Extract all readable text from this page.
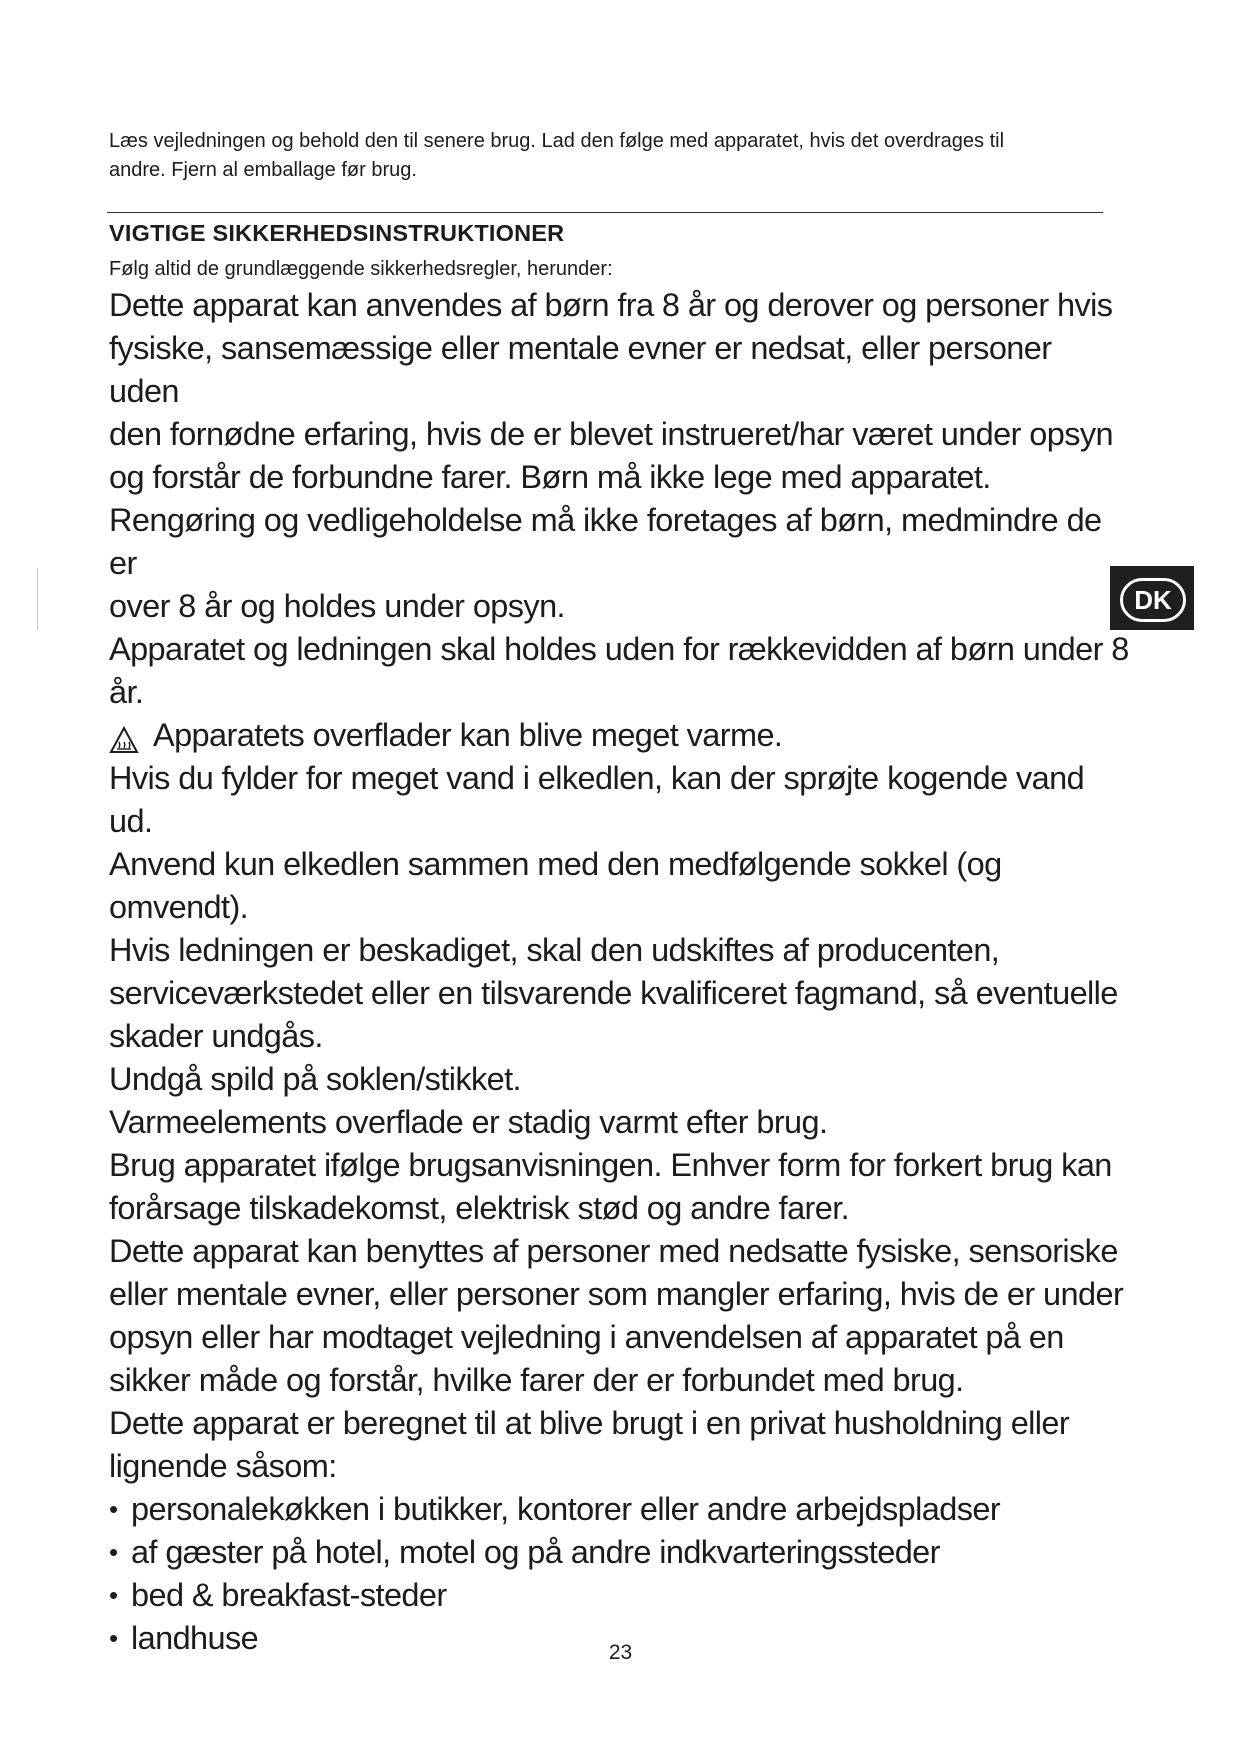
Læs vejledningen og behold den til senere brug. Lad den følge med apparatet, hvis det overdrages til
andre. Fjern al emballage før brug.
VIGTIGE SIKKERHEDSINSTRUKTIONER
Følg altid de grundlæggende sikkerhedsregler, herunder:

Dette apparat kan anvendes af børn fra 8 år og derover og personer hvis

fysiske, sansemæssige eller mentale evner er nedsat, eller personer uden

den fornødne erfaring, hvis de er blevet instrueret/har været under opsyn

og forstår de forbundne farer. Børn må ikke lege med apparatet.

Rengøring og vedligeholdelse må ikke foretages af børn, medmindre de er

over 8 år og holdes under opsyn.

Apparatet og ledningen skal holdes uden for rækkevidden af børn under 8 år.

Apparatets overflader kan blive meget varme.

Hvis du fylder for meget vand i elkedlen, kan der sprøjte kogende vand ud.

Anvend kun elkedlen sammen med den medfølgende sokkel (og

omvendt).

Hvis ledningen er beskadiget, skal den udskiftes af producenten,

serviceværkstedet eller en tilsvarende kvalificeret fagmand, så eventuelle

skader undgås.

Undgå spild på soklen/stikket.

Varmeelements overflade er stadig varmt efter brug.

Brug apparatet ifølge brugsanvisningen. Enhver form for forkert brug kan

forårsage tilskadekomst, elektrisk stød og andre farer.

Dette apparat kan benyttes af personer med nedsatte fysiske, sensoriske

eller mentale evner, eller personer som mangler erfaring, hvis de er under

opsyn eller har modtaget vejledning i anvendelsen af apparatet på en

sikker måde og forstår, hvilke farer der er forbundet med brug.

Dette apparat er beregnet til at blive brugt i en privat husholdning eller

lignende såsom:

• personalekøkken i butikker, kontorer eller andre arbejdspladser
• af gæster på hotel, motel og på andre indkvarteringssteder
• bed & breakfast-steder
• landhuse
DK
23
